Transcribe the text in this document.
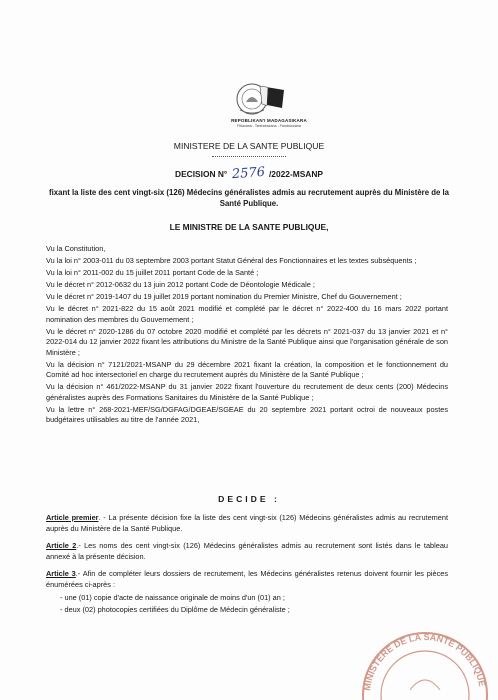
REPOBLIKAN'I MADAGASIKARA
Fitiavana - Tanindrazana - Fandrosoana
MINISTERE DE LA SANTE PUBLIQUE
DECISION N° 2576 /2022-MSANP
fixant la liste des cent vingt-six (126) Médecins généralistes admis au recrutement auprès du Ministère de la Santé Publique.
LE MINISTRE DE LA SANTE PUBLIQUE,
Vu la Constitution,
Vu la loi n° 2003-011 du 03 septembre 2003 portant Statut Général des Fonctionnaires et les textes subséquents ;
Vu la loi n° 2011-002 du 15 juillet 2011 portant Code de la Santé ;
Vu le décret n° 2012-0632 du 13 juin 2012 portant Code de Déontologie Médicale ;
Vu le décret n° 2019-1407 du 19 juillet 2019 portant nomination du Premier Ministre, Chef du Gouvernement ;
Vu le décret n° 2021-822 du 15 août 2021 modifié et complété par le décret n° 2022-400 du 16 mars 2022 portant nomination des membres du Gouvernement ;
Vu le décret n° 2020-1286 du 07 octobre 2020 modifié et complété par les décrets n° 2021-037 du 13 janvier 2021 et n° 2022-014 du 12 janvier 2022 fixant les attributions du Ministre de la Santé Publique ainsi que l'organisation générale de son Ministère ;
Vu la décision n° 7121/2021-MSANP du 29 décembre 2021 fixant la création, la composition et le fonctionnement du Comité ad hoc intersectoriel en charge du recrutement auprès du Ministère de la Santé Publique ;
Vu la décision n° 461/2022-MSANP du 31 janvier 2022 fixant l'ouverture du recrutement de deux cents (200) Médecins généralistes auprès des Formations Sanitaires du Ministère de la Santé Publique ;
Vu la lettre n° 268-2021-MEF/SG/DGFAG/DGEAE/SGEAE du 20 septembre 2021 portant octroi de nouveaux postes budgétaires utilisables au titre de l'année 2021,
DECIDE :
Article premier. - La présente décision fixe la liste des cent vingt-six (126) Médecins généralistes admis au recrutement auprès du Ministère de la Santé Publique.
Article 2.- Les noms des cent vingt-six (126) Médecins généralistes admis au recrutement sont listés dans le tableau annexé à la présente décision.
Article 3.- Afin de compléter leurs dossiers de recrutement, les Médecins généralistes retenus doivent fournir les pièces énumérées ci-après :
- une (01) copie d'acte de naissance originale de moins d'un (01) an ;
- deux (02) photocopies certifiées du Diplôme de Médecin généraliste ;
MINISTERE DE LA SANTE PUBLIQUE
